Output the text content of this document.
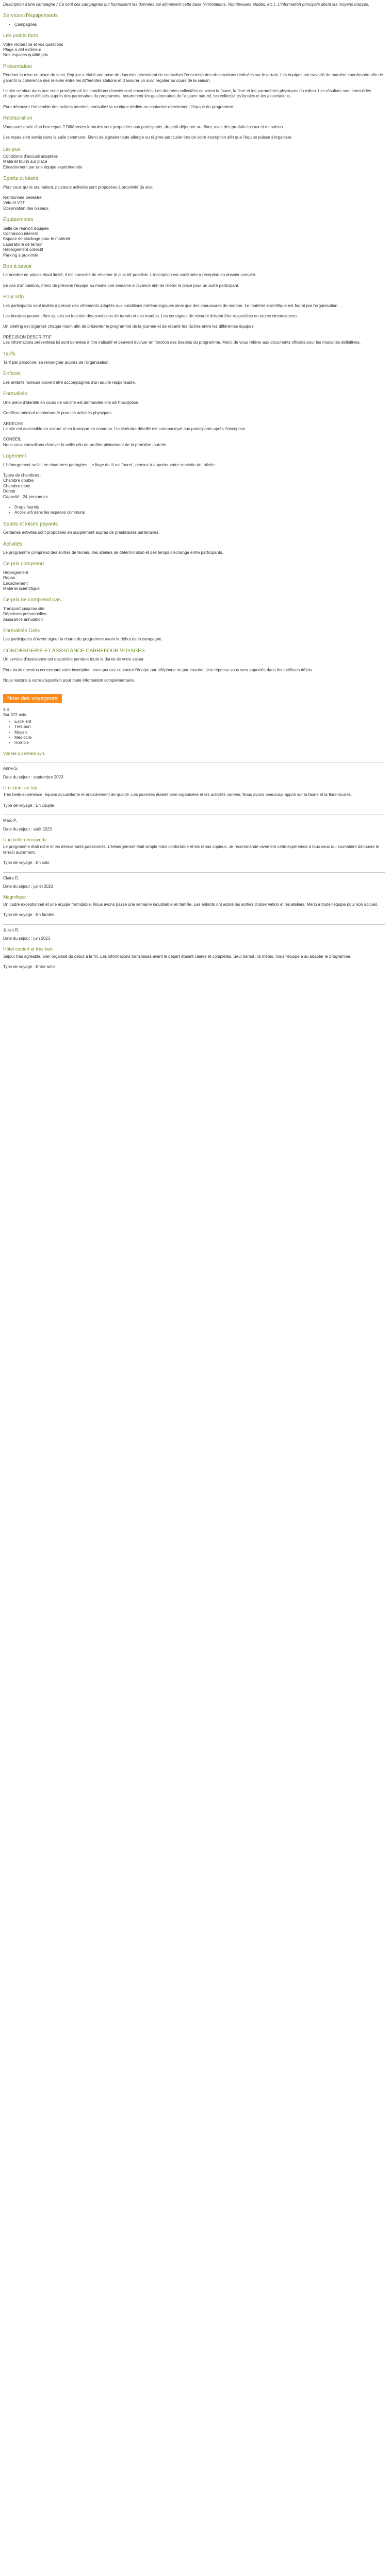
Description d'une campagne / Ce sont ces campagnes qui fournissent les données qui alimentent cette base (Annotations, Nombreuses études, etc.). L'information principale décrit les moyens d'accès.

Services d'équipements
• Campagnes
Les points forts
Votre recherche et vos questions
Plage a déf extérieur
Nos espaces qualité prix
Présentation

Pendant la mise en place du suivi, l'équipe a établi une base de données permettant de centraliser l'ensemble des observations réalisées sur le terrain. Les équipes ont travaillé de manière coordonnée afin de garantir la cohérence des relevés entre les différentes stations et d'assurer un suivi régulier au cours de la saison.

Le site se situe dans une zone protégée où les conditions d'accès sont encadrées. Les données collectées couvrent la faune, la flore et les paramètres physiques du milieu. Les résultats sont consolidés chaque année et diffusés auprès des partenaires du programme, notamment les gestionnaires de l'espace naturel, les collectivités locales et les associations.

Pour découvrir l'ensemble des actions menées, consultez la rubrique dédiée ou contactez directement l'équipe du programme.

Restauration

Vous avez envie d'un bon repas ? Différentes formules sont proposées aux participants, du petit-déjeuner au dîner, avec des produits locaux et de saison.

Les repas sont servis dans la salle commune. Merci de signaler toute allergie ou régime particulier lors de votre inscription afin que l'équipe puisse s'organiser.

Les plus
Conditions d'accueil adaptées
Matériel fourni sur place
Encadrement par une équipe expérimentée
Sports et loisirs

Pour ceux qui le souhaitent, plusieurs activités sont proposées à proximité du site.

Randonnée pédestre
Vélo et VTT
Observation des oiseaux
Équipements
Salle de réunion équipée
Connexion internet
Espace de stockage pour le matériel
Laboratoire de terrain
Hébergement collectif
Parking à proximité
Bon à savoir

Le nombre de places étant limité, il est conseillé de réserver le plus tôt possible. L'inscription est confirmée à réception du dossier complet.

En cas d'annulation, merci de prévenir l'équipe au moins une semaine à l'avance afin de libérer la place pour un autre participant.

Pour info

Les participants sont invités à prévoir des vêtements adaptés aux conditions météorologiques ainsi que des chaussures de marche. Le matériel scientifique est fourni par l'organisation.

Les horaires peuvent être ajustés en fonction des conditions de terrain et des marées. Les consignes de sécurité doivent être respectées en toutes circonstances.

Un briefing est organisé chaque matin afin de présenter le programme de la journée et de répartir les tâches entre les différentes équipes.

PRÉCISION DESCRIPTIF

Les informations présentées ici sont données à titre indicatif et peuvent évoluer en fonction des besoins du programme. Merci de vous référer aux documents officiels pour les modalités définitives.

Tarifs

Tarif par personne, se renseigner auprès de l'organisation.

Enfants

Les enfants mineurs doivent être accompagnés d'un adulte responsable.

Formalités

Une pièce d'identité en cours de validité est demandée lors de l'inscription.

Certificat médical recommandé pour les activités physiques.

ARDÈCHE

Le site est accessible en voiture et en transport en commun. Un itinéraire détaillé est communiqué aux participants après l'inscription.

CONSEIL

Nous vous conseillons d'arriver la veille afin de profiter pleinement de la première journée.

Logement

L'hébergement se fait en chambres partagées. Le linge de lit est fourni ; pensez à apporter votre serviette de toilette.

Types de chambres :
Chambre double
Chambre triple
Dortoir

Capacité : 24 personnes

• Draps fournis
• Accès wifi dans les espaces communs
Sports et loisirs payants

Certaines activités sont proposées en supplément auprès de prestataires partenaires.

Activités

Le programme comprend des sorties de terrain, des ateliers de détermination et des temps d'échange entre participants.

Ce prix comprend
Hébergement
Repas
Encadrement
Matériel scientifique
Ce prix ne comprend pas
Transport jusqu'au site
Dépenses personnelles
Assurance annulation
Formalités Grès

Les participants doivent signer la charte du programme avant le début de la campagne.

CONCIERGERIE ET ASSISTANCE CARREFOUR VOYAGES

Un service d'assistance est disponible pendant toute la durée de votre séjour.

Pour toute question concernant votre inscription, vous pouvez contacter l'équipe par téléphone ou par courriel. Une réponse vous sera apportée dans les meilleurs délais.

Nous restons à votre disposition pour toute information complémentaire.

Note des voyageurs
4,8
Sur 372 avis
• Excellent
• Très bon
• Moyen
• Médiocre
• Horrible
Voir les 5 derniers avis
Anne-S.
Date du séjour : septembre 2023
Un séjour au top

Très belle expérience, équipe accueillante et encadrement de qualité. Les journées étaient bien organisées et les activités variées. Nous avons beaucoup appris sur la faune et la flore locales.

Type de voyage : En couple
Marc P.
Date du séjour : août 2023
Une belle découverte

Le programme était riche et les intervenants passionnés. L'hébergement était simple mais confortable et les repas copieux. Je recommande vivement cette expérience à tous ceux qui souhaitent découvrir le terrain autrement.

Type de voyage : En solo
Claire D.
Date du séjour : juillet 2023
Magnifique

Un cadre exceptionnel et une équipe formidable. Nous avons passé une semaine inoubliable en famille. Les enfants ont adoré les sorties d'observation et les ateliers. Merci à toute l'équipe pour son accueil.

Type de voyage : En famille
Julien R.
Date du séjour : juin 2023
Hôtel confort et très bon

Séjour très agréable, bien organisé du début à la fin. Les informations transmises avant le départ étaient claires et complètes. Seul bémol : la météo, mais l'équipe a su adapter le programme.

Type de voyage : Entre amis
